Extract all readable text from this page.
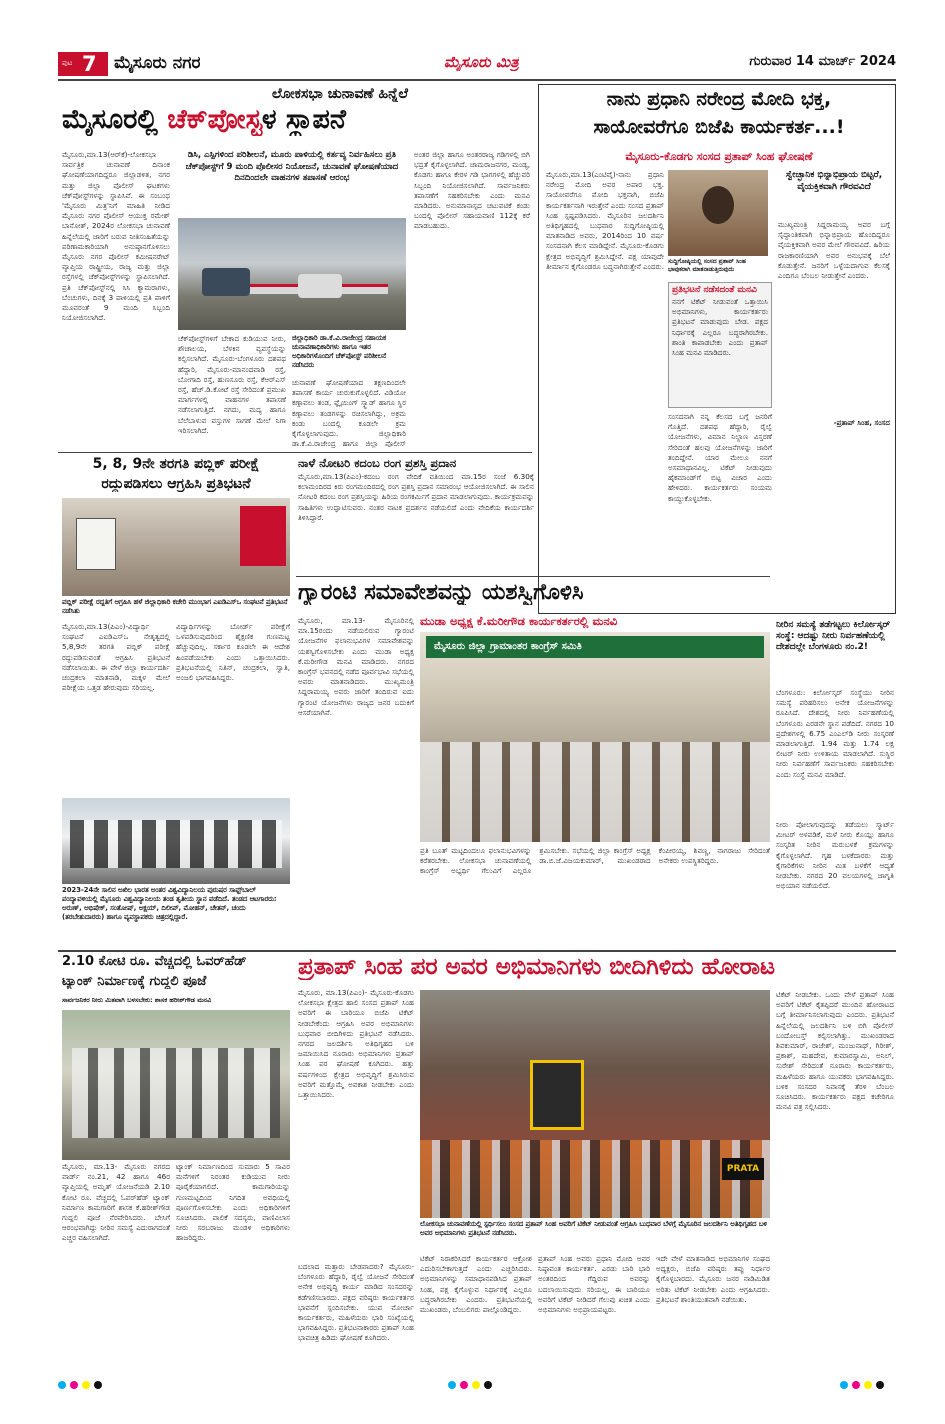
ಪುಟ 7 ಮೈಸೂರು ನಗರ	ಮೈಸೂರು ಮಿತ್ರ	ಗುರುವಾರ 14 ಮಾರ್ಚ್ 2024
ಲೋಕಸಭಾ ಚುನಾವಣೆ ಹಿನ್ನೆಲೆ
ಮೈಸೂರಲ್ಲಿ ಚೆಕ್‌ಪೋಸ್ಟ್ಗಳ ಸ್ಥಾಪನೆ
ಮೈಸೂರು,ಮಾ.13(ಆರ್‌ಕೆ)-ಲೋಕಸಭಾ ಸಾರ್ವತ್ರಿಕ ಚುನಾವಣೆ ದಿನಾಂಕ ಘೋಷಣೆಯಾಗದಿದ್ದರೂ ಜಿಲ್ಲಾಡಳಿತ, ನಗರ ಮತ್ತು ಜಿಲ್ಲಾ ಪೊಲೀಸ್ ಘಟಕಗಳು ಚೆಕ್‌ಪೋಸ್ಟ್‌ಗಳನ್ನು ಸ್ಥಾಪಿಸಿವೆ. ಈ ಸಂಬಂಧ 'ಮೈಸೂರು ಮಿತ್ರ'ನಿಗೆ ಮಾಹಿತಿ ನೀಡಿದ ಮೈಸೂರು ನಗರ ಪೊಲೀಸ್ ಆಯುಕ್ತ ರಮೇಶ್ ಬಾನೋತ್, 2024ರ ಲೋಕಸಭಾ ಚುನಾವಣೆ ಹಿನ್ನೆಲೆಯಲ್ಲಿ ಜಾರಿಗೆ ಬರುವ ನೀತಿಸಂಹಿತೆಯನ್ನು ಪರಿಣಾಮಕಾರಿಯಾಗಿ ಅನುಷ್ಠಾನಗೊಳಿಸಲು ಮೈಸೂರು ನಗರ ಪೊಲೀಸ್ ಕಮೀಷನರೇಟ್ ವ್ಯಾಪ್ತಿಯ ರಾಷ್ಟ್ರೀಯ, ರಾಜ್ಯ ಮತ್ತು ಜಿಲ್ಲಾ ರಸ್ತೆಗಳಲ್ಲಿ ಚೆಕ್‌ಪೋಸ್ಟ್‌ಗಳನ್ನು ಸ್ಥಾಪಿಸಲಾಗಿದೆ. ಪ್ರತಿ ಚೆಕ್‌ಪೋಸ್ಟ್‌ನಲ್ಲಿ ಸಿಸಿ ಕ್ಯಾಮರಾಗಳು, ಬೆಂಚುಗಳು, ದಿನಕ್ಕೆ 3 ಪಾಳಿಯಲ್ಲಿ ಪ್ರತಿ ಪಾಳಿಗೆ ಮೂವರಂತೆ 9 ಮಂದಿ ಸಿಬ್ಬಂದಿ ನಿಯೋಜಿಸಲಾಗಿದೆ.
ಡಿಸಿ, ಎಸ್ಪಿಗಳಿಂದ ಪರಿಶೀಲನೆ, ಮೂರು ಪಾಳಿಯಲ್ಲಿ ಕರ್ತವ್ಯ ನಿರ್ವಹಿಸಲು ಪ್ರತಿ ಚೆಕ್‌ಪೋಸ್ಟ್‌ಗೆ 9 ಮಂದಿ ಪೊಲೀಸರ ನಿಯೋಜನೆ, ಚುನಾವಣೆ ಘೋಷಣೆಯಾದ ದಿನದಿಂದಲೇ ವಾಹನಗಳ ತಪಾಸಣೆ ಆರಂಭ
ಚೆಕ್‌ಪೋಸ್ಟ್‌ಗಳಿಗೆ ಬೇಕಾದ ಕುಡಿಯುವ ನೀರು, ಶೌಚಾಲಯ, ಬೆಳಕಿನ ವ್ಯವಸ್ಥೆಯನ್ನು ಕಲ್ಪಿಸಲಾಗಿದೆ. ಮೈಸೂರು-ಬೆಂಗಳೂರು ದಶಪಥ ಹೆದ್ದಾರಿ, ಮೈಸೂರು-ಮಾನಂದವಾಡಿ ರಸ್ತೆ, ಬೋಗಾದಿ ರಸ್ತೆ, ಹುಣಸೂರು ರಸ್ತೆ, ಕೆಆರ್‌ಎಸ್ ರಸ್ತೆ, ಹೆಚ್.ಡಿ.ಕೋಟೆ ರಸ್ತೆ ಸೇರಿದಂತೆ ಪ್ರಮುಖ ಮಾರ್ಗಗಳಲ್ಲಿ ವಾಹನಗಳ ತಪಾಸಣೆ ನಡೆಸಲಾಗುತ್ತಿದೆ. ನಗದು, ಮದ್ಯ ಹಾಗೂ ಬೆಲೆಬಾಳುವ ವಸ್ತುಗಳ ಸಾಗಣೆ ಮೇಲೆ ನಿಗಾ ಇರಿಸಲಾಗಿದೆ.
ಜಿಲ್ಲಾಧಿಕಾರಿ ಡಾ.ಕೆ.ವಿ.ರಾಜೇಂದ್ರ ಸಹಾಯಕ ಚುನಾವಣಾಧಿಕಾರಿಗಳು ಹಾಗೂ ಇತರ ಅಧಿಕಾರಿಗಳೊಂದಿಗೆ ಚೆಕ್‌ಪೋಸ್ಟ್ ಪರಿಶೀಲನೆ ನಡೆಸಿದರು
ಚುನಾವಣೆ ಘೋಷಣೆಯಾದ ತಕ್ಷಣದಿಂದಲೇ ತಪಾಸಣೆ ಕಾರ್ಯ ಚುರುಕುಗೊಳ್ಳಲಿದೆ. ವಿಡಿಯೋ ಕಣ್ಗಾವಲು ತಂಡ, ಫ್ಲೈಯಿಂಗ್ ಸ್ಕ್ವಾಡ್ ಹಾಗೂ ಸ್ಥಿರ ಕಣ್ಗಾವಲು ತಂಡಗಳನ್ನು ರಚಿಸಲಾಗಿದ್ದು, ಅಕ್ರಮ ಕಂಡು ಬಂದಲ್ಲಿ ಕೂಡಲೇ ಕ್ರಮ ಕೈಗೊಳ್ಳಲಾಗುವುದು. ಜಿಲ್ಲಾಧಿಕಾರಿ ಡಾ.ಕೆ.ವಿ.ರಾಜೇಂದ್ರ ಹಾಗೂ ಜಿಲ್ಲಾ ಪೊಲೀಸ್
ಅಂತರ ಜಿಲ್ಲಾ ಹಾಗೂ ಅಂತರರಾಜ್ಯ ಗಡಿಗಳಲ್ಲಿ ಬಿಗಿ ಭದ್ರತೆ ಕೈಗೊಳ್ಳಲಾಗಿದೆ. ಚಾಮರಾಜನಗರ, ಮಂಡ್ಯ, ಕೊಡಗು ಹಾಗೂ ಕೇರಳ ಗಡಿ ಭಾಗಗಳಲ್ಲಿ ಹೆಚ್ಚುವರಿ ಸಿಬ್ಬಂದಿ ನಿಯೋಜಿಸಲಾಗಿದೆ. ಸಾರ್ವಜನಿಕರು ತಪಾಸಣೆಗೆ ಸಹಕರಿಸಬೇಕು ಎಂದು ಮನವಿ ಮಾಡಿದರು. ಅನುಮಾನಾಸ್ಪದ ಚಟುವಟಿಕೆ ಕಂಡು ಬಂದಲ್ಲಿ ಪೊಲೀಸ್ ಸಹಾಯವಾಣಿ 112ಕ್ಕೆ ಕರೆ ಮಾಡಬಹುದು.
ನಾನು ಪ್ರಧಾನಿ ನರೇಂದ್ರ ಮೋದಿ ಭಕ್ತ,
ಸಾಯೋವರೆಗೂ ಬಿಜೆಪಿ ಕಾರ್ಯಕರ್ತ...!
ಮೈಸೂರು-ಕೊಡಗು ಸಂಸದ ಪ್ರತಾಪ್ ಸಿಂಹ ಘೋಷಣೆ
ಮೈಸೂರು,ಮಾ.13(ಎಂಟಿವೈ)-ನಾನು ಪ್ರಧಾನಿ ನರೇಂದ್ರ ಮೋದಿ ಅವರ ಅಪಾರ ಭಕ್ತ. ಸಾಯೋವರೆಗೂ ಮೋದಿ ಭಕ್ತನಾಗಿ, ಬಿಜೆಪಿ ಕಾರ್ಯಕರ್ತನಾಗಿ ಇರುತ್ತೇನೆ ಎಂದು ಸಂಸದ ಪ್ರತಾಪ್ ಸಿಂಹ ಸ್ಪಷ್ಟಪಡಿಸಿದರು. ಮೈಸೂರಿನ ಜಲದರ್ಶಿನಿ ಅತಿಥಿಗೃಹದಲ್ಲಿ ಬುಧವಾರ ಸುದ್ದಿಗೋಷ್ಠಿಯಲ್ಲಿ ಮಾತನಾಡಿದ ಅವರು, 2014ರಿಂದ 10 ವರ್ಷ ಸಂಸದನಾಗಿ ಕೆಲಸ ಮಾಡಿದ್ದೇನೆ. ಮೈಸೂರು-ಕೊಡಗು ಕ್ಷೇತ್ರದ ಅಭಿವೃದ್ಧಿಗೆ ಶ್ರಮಿಸಿದ್ದೇನೆ. ಪಕ್ಷ ಯಾವುದೇ ತೀರ್ಮಾನ ಕೈಗೊಂಡರೂ ಬದ್ಧನಾಗಿರುತ್ತೇನೆ ಎಂದರು.
ಸುದ್ದಿಗೋಷ್ಠಿಯಲ್ಲಿ ಸಂಸದ ಪ್ರತಾಪ್ ಸಿಂಹ ಭಾವುಕರಾಗಿ ಮಾತನಾಡುತ್ತಿರುವುದು
ಪ್ರತಿಭಟನೆ ನಡೆಸದಂತೆ ಮನವಿ
ನನಗೆ ಟಿಕೆಟ್ ನೀಡುವಂತೆ ಒತ್ತಾಯಿಸಿ ಅಭಿಮಾನಿಗಳು, ಕಾರ್ಯಕರ್ತರು ಪ್ರತಿಭಟನೆ ಮಾಡುವುದು ಬೇಡ. ಪಕ್ಷದ ನಿರ್ಧಾರಕ್ಕೆ ಎಲ್ಲರೂ ಬದ್ಧರಾಗಿರಬೇಕು. ಶಾಂತಿ ಕಾಪಾಡಬೇಕು ಎಂದು ಪ್ರತಾಪ್ ಸಿಂಹ ಮನವಿ ಮಾಡಿದರು.
ಸಂಸದನಾಗಿ ನನ್ನ ಕೆಲಸದ ಬಗ್ಗೆ ಜನರಿಗೆ ಗೊತ್ತಿದೆ. ದಶಪಥ ಹೆದ್ದಾರಿ, ರೈಲ್ವೆ ಯೋಜನೆಗಳು, ವಿಮಾನ ನಿಲ್ದಾಣ ವಿಸ್ತರಣೆ ಸೇರಿದಂತೆ ಹಲವು ಯೋಜನೆಗಳನ್ನು ಜಾರಿಗೆ ತಂದಿದ್ದೇನೆ. ಯಾರ ಮೇಲೂ ನನಗೆ ಅಸಮಾಧಾನವಿಲ್ಲ. ಟಿಕೆಟ್ ನೀಡುವುದು ಹೈಕಮಾಂಡ್‌ಗೆ ಬಿಟ್ಟ ವಿಚಾರ ಎಂದು ಹೇಳಿದರು. ಕಾರ್ಯಕರ್ತರು ಸಂಯಮ ಕಾಯ್ದುಕೊಳ್ಳಬೇಕು.
ಸ್ವೇಚ್ಛಾನಿಕ ಭಿನ್ನಾಭಿಪ್ರಾಯ ಬಿಟ್ಟರೆ, ವೈಯಕ್ತಿಕವಾಗಿ ಗೌರವವಿದೆ
ಮುಖ್ಯಮಂತ್ರಿ ಸಿದ್ದರಾಮಯ್ಯ ಅವರ ಬಗ್ಗೆ ಸೈದ್ಧಾಂತಿಕವಾಗಿ ಭಿನ್ನಾಭಿಪ್ರಾಯ ಹೊಂದಿದ್ದರೂ ವೈಯಕ್ತಿಕವಾಗಿ ಅವರ ಮೇಲೆ ಗೌರವವಿದೆ. ಹಿರಿಯ ರಾಜಕಾರಣಿಯಾಗಿ ಅವರ ಅನುಭವಕ್ಕೆ ಬೆಲೆ ಕೊಡುತ್ತೇನೆ. ಜನರಿಗೆ ಒಳ್ಳೆಯದಾಗುವ ಕೆಲಸಕ್ಕೆ ಎಂದಿಗೂ ಬೆಂಬಲ ನೀಡುತ್ತೇನೆ ಎಂದರು.
-ಪ್ರತಾಪ್ ಸಿಂಹ, ಸಂಸದ
5, 8, 9ನೇ ತರಗತಿ ಪಬ್ಲಿಕ್ ಪರೀಕ್ಷೆ
ರದ್ದುಪಡಿಸಲು ಆಗ್ರಹಿಸಿ ಪ್ರತಿಭಟನೆ
ಪಬ್ಲಿಕ್ ಪರೀಕ್ಷೆ ರದ್ದತಿಗೆ ಆಗ್ರಹಿಸಿ ಹಳೆ ಜಿಲ್ಲಾಧಿಕಾರಿ ಕಚೇರಿ ಮುಂಭಾಗ ಎಐಡಿಎಸ್‌ಒ ಸಂಘಟನೆ ಪ್ರತಿಭಟನೆ ನಡೆಸಿತು
ಮೈಸೂರು,ಮಾ.13(ಪಿಎಂ)-ವಿದ್ಯಾರ್ಥಿ ಸಂಘಟನೆ ಎಐಡಿಎಸ್‌ಒ ನೇತೃತ್ವದಲ್ಲಿ 5,8,9ನೇ ತರಗತಿ ಪಬ್ಲಿಕ್ ಪರೀಕ್ಷೆ ರದ್ದುಪಡಿಸುವಂತೆ ಆಗ್ರಹಿಸಿ ಪ್ರತಿಭಟನೆ ನಡೆಸಲಾಯಿತು. ಈ ವೇಳೆ ಜಿಲ್ಲಾ ಕಾರ್ಯದರ್ಶಿ ಚಂದ್ರಕಲಾ ಮಾತನಾಡಿ, ಮಕ್ಕಳ ಮೇಲೆ ಪರೀಕ್ಷೆಯ ಒತ್ತಡ ಹೇರುವುದು ಸರಿಯಲ್ಲ.
ವಿದ್ಯಾರ್ಥಿಗಳನ್ನು ಬೋರ್ಡ್ ಪರೀಕ್ಷೆಗೆ ಒಳಪಡಿಸುವುದರಿಂದ ಶೈಕ್ಷಣಿಕ ಗುಣಮಟ್ಟ ಹೆಚ್ಚುವುದಿಲ್ಲ. ಸರ್ಕಾರ ಕೂಡಲೇ ಈ ಆದೇಶ ಹಿಂಪಡೆಯಬೇಕು ಎಂದು ಒತ್ತಾಯಿಸಿದರು. ಪ್ರತಿಭಟನೆಯಲ್ಲಿ ನಿತಿನ್, ಚಂದ್ರಕಲಾ, ಸ್ವಾತಿ, ಅಂಜಲಿ ಭಾಗವಹಿಸಿದ್ದರು.
ನಾಳೆ ನೋಟರಿ ಕದಂಬ ರಂಗ ಪ್ರಶಸ್ತಿ ಪ್ರದಾನ
ಮೈಸೂರು,ಮಾ.13(ಪಿಎಂ)-ಕದಂಬ ರಂಗ ವೇದಿಕೆ ವತಿಯಿಂದ ಮಾ.15ರ ಸಂಜೆ 6.30ಕ್ಕೆ ಕಲಾಮಂದಿರದ ಕಿರು ರಂಗಮಂದಿರದಲ್ಲಿ ರಂಗ ಪ್ರಶಸ್ತಿ ಪ್ರದಾನ ಸಮಾರಂಭ ಆಯೋಜಿಸಲಾಗಿದೆ. ಈ ಸಾಲಿನ ನೋಟರಿ ಕದಂಬ ರಂಗ ಪ್ರಶಸ್ತಿಯನ್ನು ಹಿರಿಯ ರಂಗಕರ್ಮಿಗೆ ಪ್ರದಾನ ಮಾಡಲಾಗುವುದು. ಕಾರ್ಯಕ್ರಮವನ್ನು ಸಾಹಿತಿಗಳು ಉದ್ಘಾಟಿಸುವರು. ನಂತರ ನಾಟಕ ಪ್ರದರ್ಶನ ನಡೆಯಲಿದೆ ಎಂದು ವೇದಿಕೆಯ ಕಾರ್ಯದರ್ಶಿ ತಿಳಿಸಿದ್ದಾರೆ.
ಗ್ಯಾರಂಟಿ ಸಮಾವೇಶವನ್ನು ಯಶಸ್ವಿಗೊಳಿಸಿ
ಮುಡಾ ಅಧ್ಯಕ್ಷ ಕೆ.ಮರೀಗೌಡ ಕಾರ್ಯಕರ್ತರಲ್ಲಿ ಮನವಿ
ಮೈಸೂರು, ಮಾ.13- ಮೈಸೂರಿನಲ್ಲಿ ಮಾ.15ರಂದು ನಡೆಯಲಿರುವ ಗ್ಯಾರಂಟಿ ಯೋಜನೆಗಳ ಫಲಾನುಭವಿಗಳ ಸಮಾವೇಶವನ್ನು ಯಶಸ್ವಿಗೊಳಿಸಬೇಕು ಎಂದು ಮುಡಾ ಅಧ್ಯಕ್ಷ ಕೆ.ಮರೀಗೌಡ ಮನವಿ ಮಾಡಿದರು. ನಗರದ ಕಾಂಗ್ರೆಸ್ ಭವನದಲ್ಲಿ ನಡೆದ ಪೂರ್ವಭಾವಿ ಸಭೆಯಲ್ಲಿ ಅವರು ಮಾತನಾಡಿದರು. ಮುಖ್ಯಮಂತ್ರಿ ಸಿದ್ದರಾಮಯ್ಯ ಅವರು ಜಾರಿಗೆ ತಂದಿರುವ ಐದು ಗ್ಯಾರಂಟಿ ಯೋಜನೆಗಳು ರಾಜ್ಯದ ಜನರ ಬದುಕಿಗೆ ಆಸರೆಯಾಗಿವೆ.
ಮೈಸೂರು ಜಿಲ್ಲಾ ಗ್ರಾಮಾಂತರ ಕಾಂಗ್ರೆಸ್ ಸಮಿತಿ
ಪ್ರತಿ ಬೂತ್ ಮಟ್ಟದಿಂದಲೂ ಫಲಾನುಭವಿಗಳನ್ನು ಕರೆತರಬೇಕು. ಲೋಕಸಭಾ ಚುನಾವಣೆಯಲ್ಲಿ ಕಾಂಗ್ರೆಸ್ ಅಭ್ಯರ್ಥಿ ಗೆಲುವಿಗೆ ಎಲ್ಲರೂ ಶ್ರಮಿಸಬೇಕು. ಸಭೆಯಲ್ಲಿ ಜಿಲ್ಲಾ ಕಾಂಗ್ರೆಸ್ ಅಧ್ಯಕ್ಷ ಡಾ.ಬಿ.ಜೆ.ವಿಜಯಕುಮಾರ್, ಮುಖಂಡರಾದ ಕೆಂಪೀರಯ್ಯ, ಶಿವಣ್ಣ, ನಾಗರಾಜು ಸೇರಿದಂತೆ ಅನೇಕರು ಉಪಸ್ಥಿತರಿದ್ದರು.
ನೀರಿನ ಸಮಸ್ಯೆ ತಡೆಗಟ್ಟಲು ಕಿರ್ಲೋಸ್ಕರ್ ಸಂಸ್ಥೆ: ಆದಷ್ಟು ನೀರು ನಿರ್ವಹಣೆಯಲ್ಲಿ ದೇಶದಲ್ಲೇ ಬೆಂಗಳೂರು ನಂ.2!
ಬೆಂಗಳೂರು: ಕಿರ್ಲೋಸ್ಕರ್ ಸಂಸ್ಥೆಯು ನೀರಿನ ಸಮಸ್ಯೆ ಪರಿಹರಿಸಲು ಅನೇಕ ಯೋಜನೆಗಳನ್ನು ರೂಪಿಸಿದೆ. ದೇಶದಲ್ಲಿ ನೀರು ನಿರ್ವಹಣೆಯಲ್ಲಿ ಬೆಂಗಳೂರು ಎರಡನೇ ಸ್ಥಾನ ಪಡೆದಿದೆ. ನಗರದ 10 ಪ್ರದೇಶಗಳಲ್ಲಿ 6.75 ಎಂಎಲ್‌ಡಿ ನೀರು ಸಂಸ್ಕರಣೆ ಮಾಡಲಾಗುತ್ತಿದೆ. 1.94 ಮತ್ತು 1.74 ಲಕ್ಷ ಲೀಟರ್ ನೀರು ಉಳಿತಾಯ ಮಾಡಲಾಗಿದೆ. ಸುಸ್ಥಿರ ನೀರು ನಿರ್ವಹಣೆಗೆ ಸಾರ್ವಜನಿಕರು ಸಹಕರಿಸಬೇಕು ಎಂದು ಸಂಸ್ಥೆ ಮನವಿ ಮಾಡಿದೆ.
ನೀರು ಪೋಲಾಗುವುದನ್ನು ತಡೆಯಲು ಸ್ಮಾರ್ಟ್ ಮೀಟರ್ ಅಳವಡಿಕೆ, ಮಳೆ ನೀರು ಕೊಯ್ಲು ಹಾಗೂ ಸಂಸ್ಕರಿತ ನೀರಿನ ಮರುಬಳಕೆ ಕ್ರಮಗಳನ್ನು ಕೈಗೊಳ್ಳಲಾಗಿದೆ. ಗೃಹ ಬಳಕೆದಾರರು ಮತ್ತು ಕೈಗಾರಿಕೆಗಳು ನೀರಿನ ಮಿತ ಬಳಕೆಗೆ ಆದ್ಯತೆ ನೀಡಬೇಕು. ನಗರದ 20 ವಲಯಗಳಲ್ಲಿ ಜಾಗೃತಿ ಅಭಿಯಾನ ನಡೆಯಲಿದೆ.
2023-24ನೇ ಸಾಲಿನ ಅಖಿಲ ಭಾರತ ಅಂತರ ವಿಶ್ವವಿದ್ಯಾನಿಲಯ ಪುರುಷರ ಸಾಫ್ಟ್‌ಬಾಲ್ ಪಂದ್ಯಾವಳಿಯಲ್ಲಿ ಮೈಸೂರು ವಿಶ್ವವಿದ್ಯಾನಿಲಯ ತಂಡ ತೃತೀಯ ಸ್ಥಾನ ಪಡೆದಿದೆ. ತಂಡದ ಆಟಗಾರರು: ಅರುಣ್, ಅಭಿಷೇಕ್, ಸಂತೋಷ್, ಅಕ್ಷಯ್, ದಿಲೀಪ್, ಮೋಹನ್, ಚೇತನ್, ಚಂದು (ತರಬೇತುದಾರರು) ಹಾಗೂ ವ್ಯವಸ್ಥಾಪಕರು ಚಿತ್ರದಲ್ಲಿದ್ದಾರೆ.
ಪ್ರತಾಪ್ ಸಿಂಹ ಪರ ಅವರ ಅಭಿಮಾನಿಗಳು ಬೀದಿಗಿಳಿದು ಹೋರಾಟ
2.10 ಕೋಟಿ ರೂ. ವೆಚ್ಚದಲ್ಲಿ ಓವರ್‌ಹೆಡ್
ಟ್ಯಾಂಕ್ ನಿರ್ಮಾಣಕ್ಕೆ ಗುದ್ದಲಿ ಪೂಜೆ
ಸಾರ್ವಜನಿಕರ ನೀರು ಮಿತವಾಗಿ ಬಳಸಬೇಕು: ಶಾಸಕ ಹರೀಶ್‌ಗೌಡ ಮನವಿ
ಮೈಸೂರು, ಮಾ.13- ಮೈಸೂರು ನಗರದ ವಾರ್ಡ್ ನಂ.21, 42 ಹಾಗೂ 46ರ ವ್ಯಾಪ್ತಿಯಲ್ಲಿ ಅಮೃತ್ ಯೋಜನೆಯಡಿ 2.10 ಕೋಟಿ ರೂ. ವೆಚ್ಚದಲ್ಲಿ ಓವರ್‌ಹೆಡ್ ಟ್ಯಾಂಕ್ ನಿರ್ಮಾಣ ಕಾಮಗಾರಿಗೆ ಶಾಸಕ ಕೆ.ಹರೀಶ್‌ಗೌಡ ಗುದ್ದಲಿ ಪೂಜೆ ನೆರವೇರಿಸಿದರು. ಬೇಸಿಗೆ ಆರಂಭವಾಗಿದ್ದು ನೀರಿನ ಸಮಸ್ಯೆ ಎದುರಾಗದಂತೆ ಎಚ್ಚರ ವಹಿಸಲಾಗಿದೆ.
ಟ್ಯಾಂಕ್ ನಿರ್ಮಾಣದಿಂದ ಸುಮಾರು 5 ಸಾವಿರ ಮನೆಗಳಿಗೆ ನಿರಂತರ ಕುಡಿಯುವ ನೀರು ಪೂರೈಕೆಯಾಗಲಿದೆ. ಕಾಮಗಾರಿಯನ್ನು ಗುಣಮಟ್ಟದಿಂದ ನಿಗದಿತ ಅವಧಿಯಲ್ಲಿ ಪೂರ್ಣಗೊಳಿಸಬೇಕು ಎಂದು ಅಧಿಕಾರಿಗಳಿಗೆ ಸೂಚಿಸಿದರು. ಪಾಲಿಕೆ ಸದಸ್ಯರು, ವಾಣಿವಿಲಾಸ ನೀರು ಸರಬರಾಜು ಮಂಡಳಿ ಅಧಿಕಾರಿಗಳು ಹಾಜರಿದ್ದರು.
ಮೈಸೂರು, ಮಾ.13(ಪಿಎಂ)- ಮೈಸೂರು-ಕೊಡಗು ಲೋಕಸಭಾ ಕ್ಷೇತ್ರದ ಹಾಲಿ ಸಂಸದ ಪ್ರತಾಪ್ ಸಿಂಹ ಅವರಿಗೆ ಈ ಬಾರಿಯೂ ಬಿಜೆಪಿ ಟಿಕೆಟ್ ನೀಡಬೇಕೆಂದು ಆಗ್ರಹಿಸಿ ಅವರ ಅಭಿಮಾನಿಗಳು ಬುಧವಾರ ಬೀದಿಗಿಳಿದು ಪ್ರತಿಭಟನೆ ನಡೆಸಿದರು. ನಗರದ ಜಲದರ್ಶಿನಿ ಅತಿಥಿಗೃಹದ ಬಳಿ ಜಮಾಯಿಸಿದ ನೂರಾರು ಅಭಿಮಾನಿಗಳು ಪ್ರತಾಪ್ ಸಿಂಹ ಪರ ಘೋಷಣೆ ಕೂಗಿದರು. ಹತ್ತು ವರ್ಷಗಳಿಂದ ಕ್ಷೇತ್ರದ ಅಭಿವೃದ್ಧಿಗೆ ಶ್ರಮಿಸಿರುವ ಅವರಿಗೆ ಮತ್ತೊಮ್ಮೆ ಅವಕಾಶ ನೀಡಬೇಕು ಎಂದು ಒತ್ತಾಯಿಸಿದರು.
PRATA
ಲೋಕಸಭಾ ಚುನಾವಣೆಯಲ್ಲಿ ಸ್ಪರ್ಧಿಸಲು ಸಂಸದ ಪ್ರತಾಪ್ ಸಿಂಹ ಅವರಿಗೆ ಟಿಕೆಟ್ ನೀಡುವಂತೆ ಆಗ್ರಹಿಸಿ ಬುಧವಾರ ಬೆಳಗ್ಗೆ ಮೈಸೂರಿನ ಜಲದರ್ಶಿನಿ ಅತಿಥಿಗೃಹದ ಬಳಿ ಅವರ ಅಭಿಮಾನಿಗಳು ಪ್ರತಿಭಟನೆ ನಡೆಸಿದರು.
ಬದಲಾದ ಮತ್ತಾರು ಬೇಡವಾದರು? ಮೈಸೂರು-ಬೆಂಗಳೂರು ಹೆದ್ದಾರಿ, ರೈಲ್ವೆ ಯೋಜನೆ ಸೇರಿದಂತೆ ಅನೇಕ ಅಭಿವೃದ್ಧಿ ಕಾರ್ಯ ಮಾಡಿದ ಸಂಸದರನ್ನು ಕಡೆಗಣಿಸಬಾರದು. ಪಕ್ಷದ ವರಿಷ್ಠರು ಕಾರ್ಯಕರ್ತರ ಭಾವನೆಗೆ ಸ್ಪಂದಿಸಬೇಕು. ಯುವ ಮೋರ್ಚಾ ಕಾರ್ಯಕರ್ತರು, ಮಹಿಳೆಯರು ಭಾರಿ ಸಂಖ್ಯೆಯಲ್ಲಿ ಭಾಗವಹಿಸಿದ್ದರು. ಪ್ರತಿಭಟನಾಕಾರರು ಪ್ರತಾಪ್ ಸಿಂಹ ಭಾವಚಿತ್ರ ಹಿಡಿದು ಘೋಷಣೆ ಕೂಗಿದರು.
ಟಿಕೆಟ್ ನಿರಾಕರಿಸಿದರೆ ಕಾರ್ಯಕರ್ತರ ಆಕ್ರೋಶ ಎದುರಿಸಬೇಕಾಗುತ್ತದೆ ಎಂದು ಎಚ್ಚರಿಸಿದರು. ಅಭಿಮಾನಿಗಳನ್ನು ಸಮಾಧಾನಪಡಿಸಿದ ಪ್ರತಾಪ್ ಸಿಂಹ, ಪಕ್ಷ ಕೈಗೊಳ್ಳುವ ನಿರ್ಧಾರಕ್ಕೆ ಎಲ್ಲರೂ ಬದ್ಧರಾಗಿರಬೇಕು ಎಂದರು. ಪ್ರತಿಭಟನೆಯಲ್ಲಿ ಮುಖಂಡರು, ಬೆಂಬಲಿಗರು ಪಾಲ್ಗೊಂಡಿದ್ದರು.
ಪ್ರತಾಪ್ ಸಿಂಹ ಅವರು ಪ್ರಧಾನಿ ಮೋದಿ ಅವರ ನಿಷ್ಠಾವಂತ ಕಾರ್ಯಕರ್ತ. ಎರಡು ಬಾರಿ ಭಾರಿ ಅಂತರದಿಂದ ಗೆದ್ದಿರುವ ಅವರನ್ನು ಬದಲಾಯಿಸುವುದು ಸರಿಯಲ್ಲ. ಈ ಬಾರಿಯೂ ಅವರಿಗೆ ಟಿಕೆಟ್ ನೀಡಿದರೆ ಗೆಲುವು ಖಚಿತ ಎಂದು ಅಭಿಮಾನಿಗಳು ಅಭಿಪ್ರಾಯಪಟ್ಟರು.
ಇದೇ ವೇಳೆ ಮಾತನಾಡಿದ ಅಭಿಮಾನಿಗಳ ಸಂಘದ ಅಧ್ಯಕ್ಷರು, ಬಿಜೆಪಿ ವರಿಷ್ಠರು ತಪ್ಪು ನಿರ್ಧಾರ ಕೈಗೊಳ್ಳಬಾರದು. ಮೈಸೂರು ಜನರ ನಾಡಿಮಿಡಿತ ಅರಿತು ಟಿಕೆಟ್ ನೀಡಬೇಕು ಎಂದು ಆಗ್ರಹಿಸಿದರು. ಪ್ರತಿಭಟನೆ ಶಾಂತಿಯುತವಾಗಿ ನಡೆಯಿತು.
ಟಿಕೆಟ್ ನೀಡಬೇಕು. ಒಂದು ವೇಳೆ ಪ್ರತಾಪ್ ಸಿಂಹ ಅವರಿಗೆ ಟಿಕೆಟ್ ಕೈತಪ್ಪಿದರೆ ಮುಂದಿನ ಹೋರಾಟದ ಬಗ್ಗೆ ತೀರ್ಮಾನಿಸಲಾಗುವುದು ಎಂದರು. ಪ್ರತಿಭಟನೆ ಹಿನ್ನೆಲೆಯಲ್ಲಿ ಜಲದರ್ಶಿನಿ ಬಳಿ ಬಿಗಿ ಪೊಲೀಸ್ ಬಂದೋಬಸ್ತ್ ಕಲ್ಪಿಸಲಾಗಿತ್ತು. ಮುಖಂಡರಾದ ಶಿವಕುಮಾರ್, ರಾಜೇಶ್, ಮಂಜುನಾಥ್, ಗಿರೀಶ್, ಪ್ರಕಾಶ್, ಮಹದೇವ, ಕುಮಾರಸ್ವಾಮಿ, ಅನಿಲ್, ಸುರೇಶ್ ಸೇರಿದಂತೆ ನೂರಾರು ಕಾರ್ಯಕರ್ತರು, ಮಹಿಳೆಯರು ಹಾಗೂ ಯುವಕರು ಭಾಗವಹಿಸಿದ್ದರು. ಬಳಿಕ ಸಂಸದರ ನಿವಾಸಕ್ಕೆ ತೆರಳಿ ಬೆಂಬಲ ಸೂಚಿಸಿದರು. ಕಾರ್ಯಕರ್ತರು ಪಕ್ಷದ ಕಚೇರಿಗೂ ಮನವಿ ಪತ್ರ ಸಲ್ಲಿಸಿದರು.
